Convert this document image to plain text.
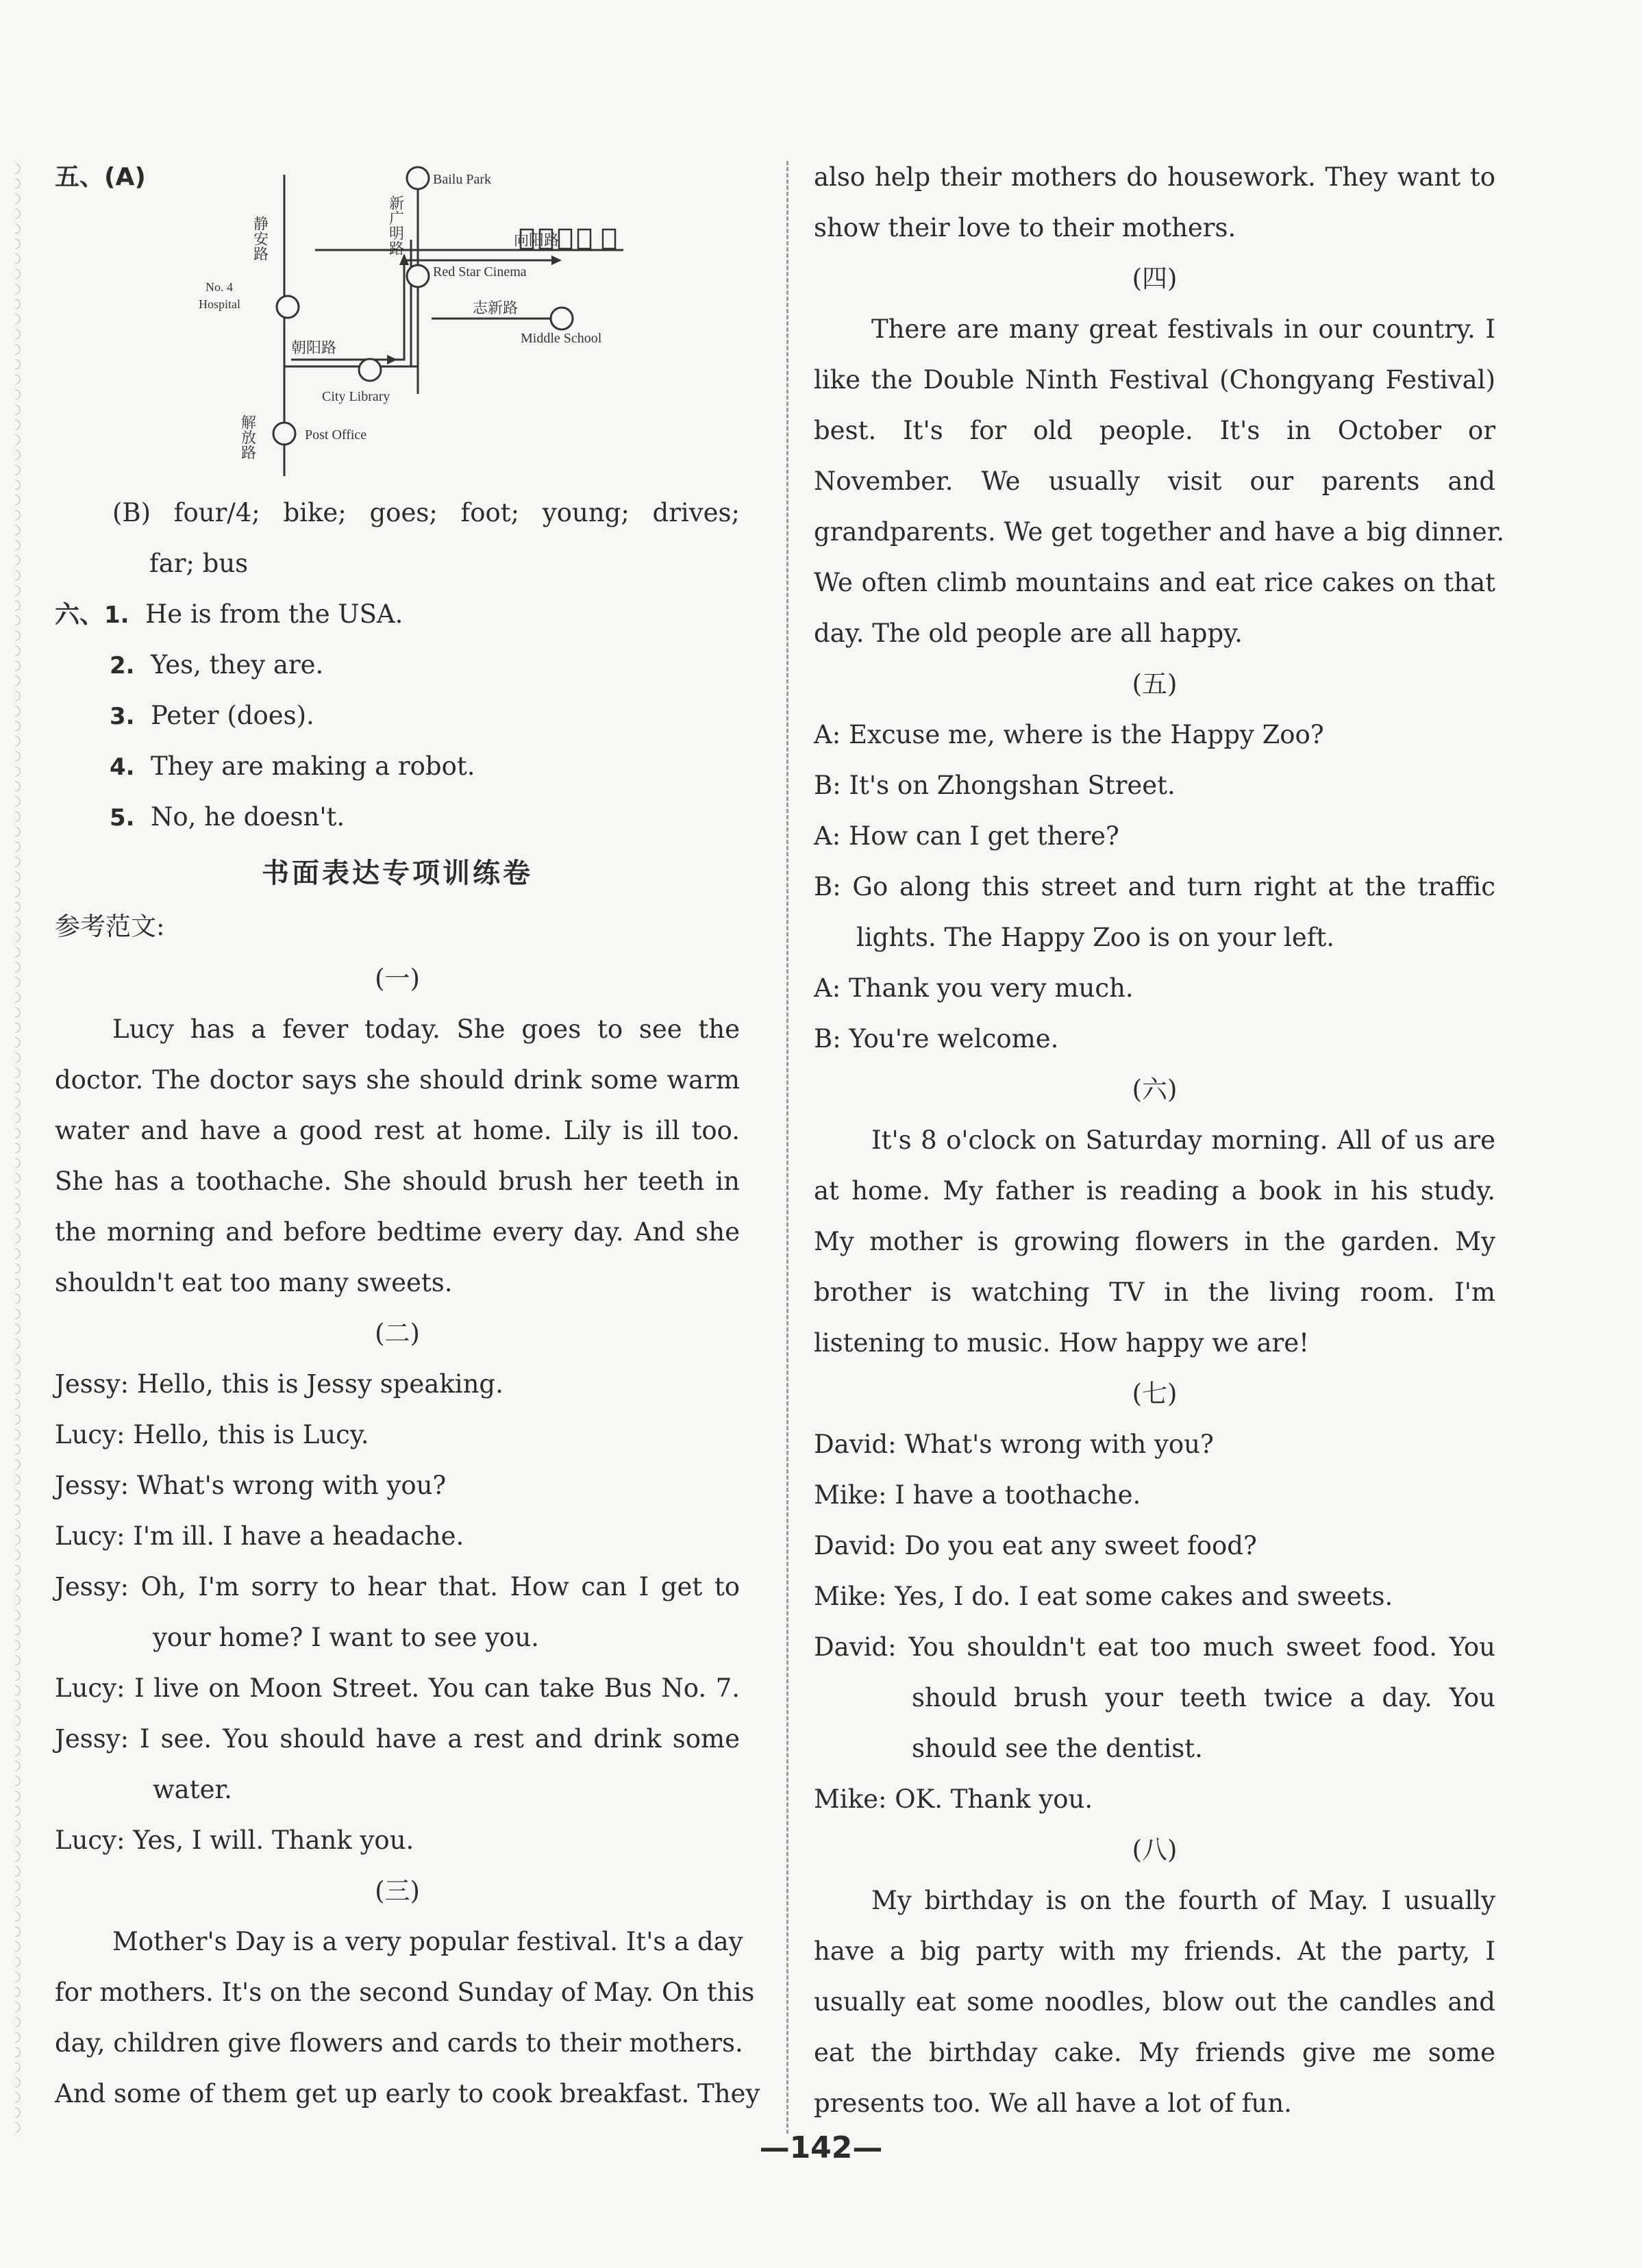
五、(A)	Bailu Park
静安路	新广明路	向阳路
Red Star Cinema
No. 4
Hospital	志新路
Middle School
朝阳路
City Library
解放路	Post Office
(B) four/4; bike; goes; foot; young; drives;
far; bus
六、1. He is from the USA.
2. Yes, they are.
3. Peter (does).
4. They are making a robot.
5. No, he doesn't.
书面表达专项训练卷
参考范文:
(一)
Lucy has a fever today. She goes to see the
doctor. The doctor says she should drink some warm
water and have a good rest at home. Lily is ill too.
She has a toothache. She should brush her teeth in
the morning and before bedtime every day. And she
shouldn't eat too many sweets.
(二)
Jessy: Hello, this is Jessy speaking.
Lucy: Hello, this is Lucy.
Jessy: What's wrong with you?
Lucy: I'm ill. I have a headache.
Jessy: Oh, I'm sorry to hear that. How can I get to
your home? I want to see you.
Lucy: I live on Moon Street. You can take Bus No. 7.
Jessy: I see. You should have a rest and drink some
water.
Lucy: Yes, I will. Thank you.
(三)
Mother's Day is a very popular festival. It's a day
for mothers. It's on the second Sunday of May. On this
day, children give flowers and cards to their mothers.
And some of them get up early to cook breakfast. They
also help their mothers do housework. They want to
show their love to their mothers.
(四)
There are many great festivals in our country. I
like the Double Ninth Festival (Chongyang Festival)
best. It's for old people. It's in October or
November. We usually visit our parents and
grandparents. We get together and have a big dinner.
We often climb mountains and eat rice cakes on that
day. The old people are all happy.
(五)
A: Excuse me, where is the Happy Zoo?
B: It's on Zhongshan Street.
A: How can I get there?
B: Go along this street and turn right at the traffic
lights. The Happy Zoo is on your left.
A: Thank you very much.
B: You're welcome.
(六)
It's 8 o'clock on Saturday morning. All of us are
at home. My father is reading a book in his study.
My mother is growing flowers in the garden. My
brother is watching TV in the living room. I'm
listening to music. How happy we are!
(七)
David: What's wrong with you?
Mike: I have a toothache.
David: Do you eat any sweet food?
Mike: Yes, I do. I eat some cakes and sweets.
David: You shouldn't eat too much sweet food. You
should brush your teeth twice a day. You
should see the dentist.
Mike: OK. Thank you.
(八)
My birthday is on the fourth of May. I usually
have a big party with my friends. At the party, I
usually eat some noodles, blow out the candles and
eat the birthday cake. My friends give me some
presents too. We all have a lot of fun.
—142—
